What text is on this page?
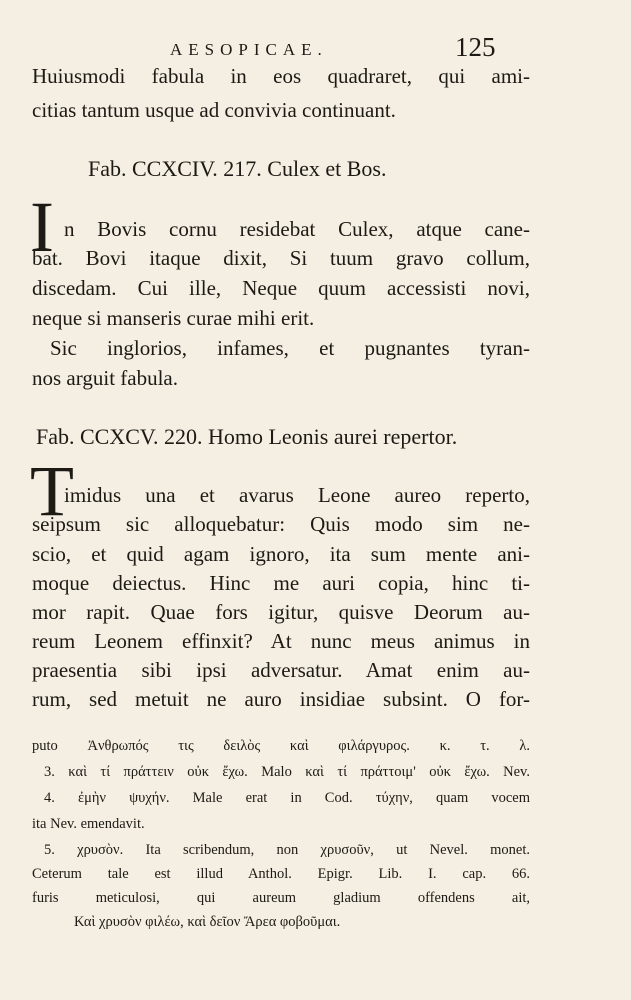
AESOPICAE.	125
Huiusmodi fabula in eos quadraret, qui ami-
citias tantum usque ad convivia continuant.
Fab. CCXCIV. 217. Culex et Bos.
I n Bovis cornu residebat Culex, atque cane-
bat. Bovi itaque dixit, Si tuum gravo collum,
discedam. Cui ille, Neque quum accessisti novi,
neque si manseris curae mihi erit.
Sic inglorios, infames, et pugnantes tyran-
nos arguit fabula.
Fab. CCXCV. 220. Homo Leonis aurei repertor.
T
imidus una et avarus Leone aureo reperto,
seipsum sic alloquebatur: Quis modo sim ne-
scio, et quid agam ignoro, ita sum mente ani-
moque deiectus. Hinc me auri copia, hinc ti-
mor rapit. Quae fors igitur, quisve Deorum au-
reum Leonem effinxit? At nunc meus animus in
praesentia sibi ipsi adversatur. Amat enim au-
rum, sed metuit ne auro insidiae subsint. O for-
puto Ἀνθρωπός τις δειλὸς καὶ φιλάργυρος. κ. τ. λ.
3. καὶ τί πράττειν οὐκ ἔχω. Malo καὶ τί πράττοιμ' οὐκ ἔχω. Nev.
4. ἐμὴν ψυχήν. Male erat in Cod. τύχην, quam vocem
ita Nev. emendavit.
5. χρυσὸν. Ita scribendum, non χρυσοῦν, ut Nevel. monet.
Ceterum tale est illud Anthol. Epigr. Lib. I. cap. 66.
furis meticulosi, qui aureum gladium offendens ait,
Καὶ χρυσὸν φιλέω, καὶ δεῖον Ἄρεα φοβοῦμαι.
